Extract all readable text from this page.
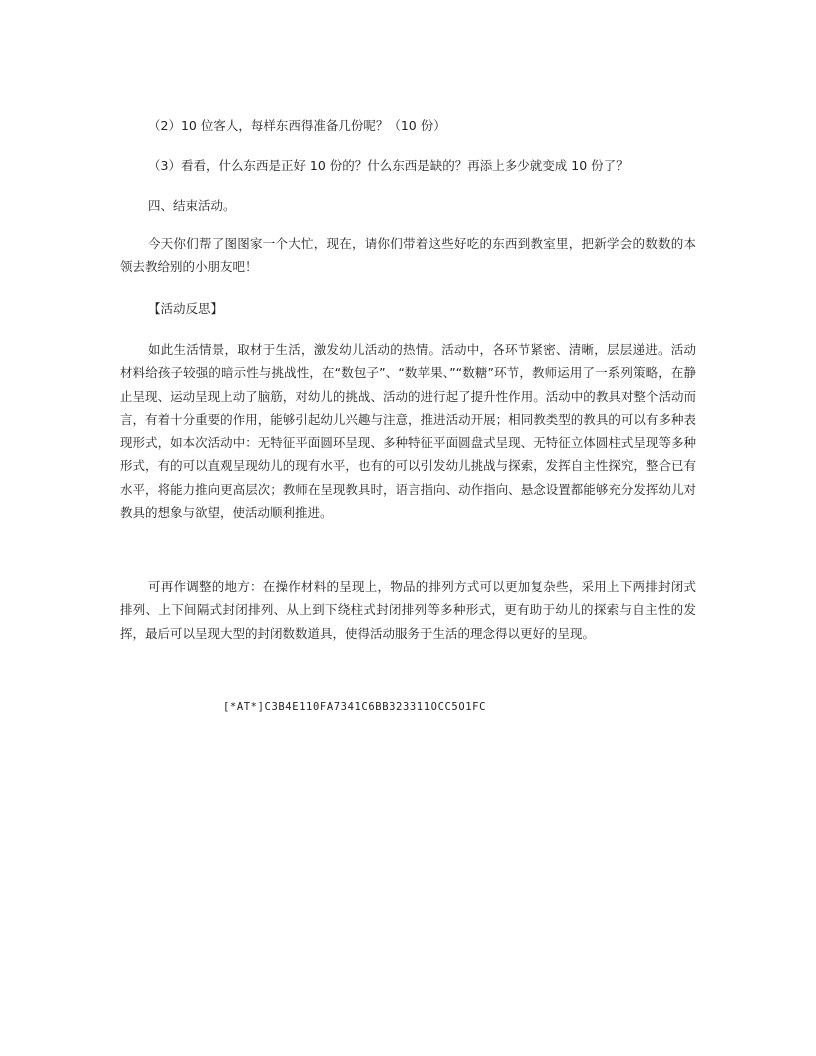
（2）10 位客人，每样东西得准备几份呢？（10 份）
（3）看看，什么东西是正好 10 份的？什么东西是缺的？再添上多少就变成 10 份了？
四、结束活动。
今天你们帮了图图家一个大忙，现在，请你们带着这些好吃的东西到教室里，把新学会的数数的本领去教给别的小朋友吧！
【活动反思】
如此生活情景，取材于生活，激发幼儿活动的热情。活动中，各环节紧密、清晰，层层递进。活动材料给孩子较强的暗示性与挑战性，在“数包子”、“数苹果、”“数糖”环节，教师运用了一系列策略，在静止呈现、运动呈现上动了脑筋，对幼儿的挑战、活动的进行起了提升性作用。活动中的教具对整个活动而言，有着十分重要的作用，能够引起幼儿兴趣与注意，推进活动开展；相同教类型的教具的可以有多种表现形式，如本次活动中：无特征平面圆环呈现、多种特征平面圆盘式呈现、无特征立体圆柱式呈现等多种形式，有的可以直观呈现幼儿的现有水平，也有的可以引发幼儿挑战与探索，发挥自主性探究，整合已有水平，将能力推向更高层次；教师在呈现教具时，语言指向、动作指向、悬念设置都能够充分发挥幼儿对教具的想象与欲望，使活动顺利推进。
可再作调整的地方：在操作材料的呈现上，物品的排列方式可以更加复杂些，采用上下两排封闭式排列、上下间隔式封闭排列、从上到下绕柱式封闭排列等多种形式，更有助于幼儿的探索与自主性的发挥，最后可以呈现大型的封闭数数道具，使得活动服务于生活的理念得以更好的呈现。
[*AT*]C3B4E110FA7341C6BB323311OCC5O1FC
